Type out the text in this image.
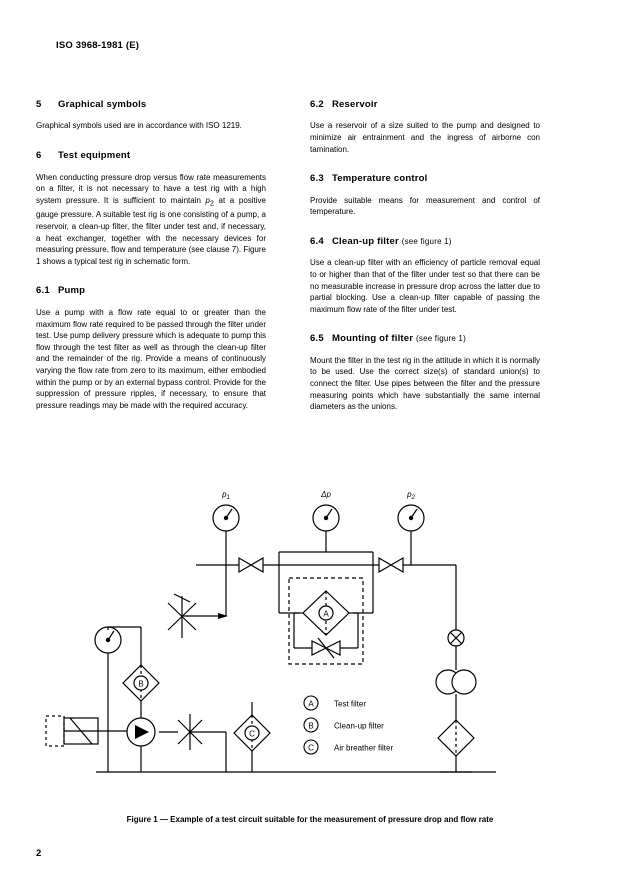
ISO 3968-1981 (E)
5 Graphical symbols

Graphical symbols used are in accordance with ISO 1219.

6 Test equipment

When conducting pressure drop versus flow rate measurements on a filter, it is not necessary to have a test rig with a high system pressure. It is sufficient to maintain $p_2$ at a positive gauge pressure. A suitable test rig is one consisting of a pump, a reservoir, a clean-up filter, the filter under test and, if necessary, a heat exchanger, together with the necessary devices for measuring pressure, flow and temperature (see clause 7). Figure 1 shows a typical test rig in schematic form.

6.1 Pump

Use a pump with a flow rate equal to or greater than the maximum flow rate required to be passed through the filter under test. Use pump delivery pressure which is adequate to pump this flow through the test filter as well as through the clean-up filter and the remainder of the rig. Provide a means of continuously varying the flow rate from zero to its maximum, either embodied within the pump or by an external bypass control. Provide for the suppression of pressure ripples, if necessary, to ensure that pressure readings may be made with the required accuracy.

6.2 Reservoir

Use a reservoir of a size suited to the pump and designed to minimize air entrainment and the ingress of airborne con tamination.

6.3 Temperature control

Provide suitable means for measurement and control of temperature.

6.4 Clean-up filter (see figure 1)

Use a clean-up filter with an efficiency of particle removal equal to or higher than that of the filter under test so that there can be no measurable increase in pressure drop across the latter due to partial blocking. Use a clean-up filter capable of passing the maximum flow rate of the filter under test.

6.5 Mounting of filter (see figure 1)

Mount the filter in the test rig in the attitude in which it is normally to be used. Use the correct size(s) of standard union(s) to connect the filter. Use pipes between the filter and the pressure measuring points which have substantially the same internal diameters as the unions.

A
B
C
$p_1$	Δp	$p_2$
A
B
C
Test filter
Clean-up filter
Air breather filter
Figure 1 — Example of a test circuit suitable for the measurement of pressure drop and flow rate
2
